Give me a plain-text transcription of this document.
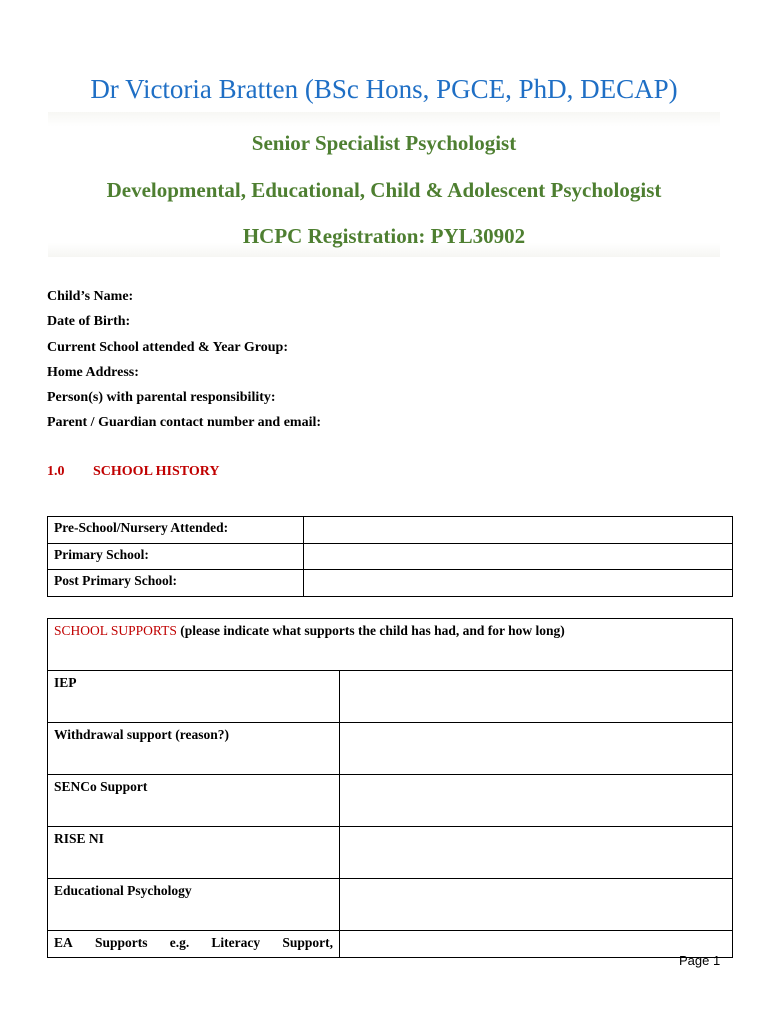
Dr Victoria Bratten (BSc Hons, PGCE, PhD, DECAP)
Senior Specialist Psychologist
Developmental, Educational, Child & Adolescent Psychologist
HCPC Registration: PYL30902
Child’s Name:
Date of Birth:
Current School attended & Year Group:
Home Address:
Person(s) with parental responsibility:
Parent / Guardian contact number and email:
1.0 SCHOOL HISTORY
Pre-School/Nursery Attended:	
Primary School:	
Post Primary School:	
SCHOOL SUPPORTS (please indicate what supports the child has had, and for how long)	
IEP	
Withdrawal support (reason?)	
SENCo Support	
RISE NI	
Educational Psychology	

EA Supports e.g. Literacy Support,	

Page 1
